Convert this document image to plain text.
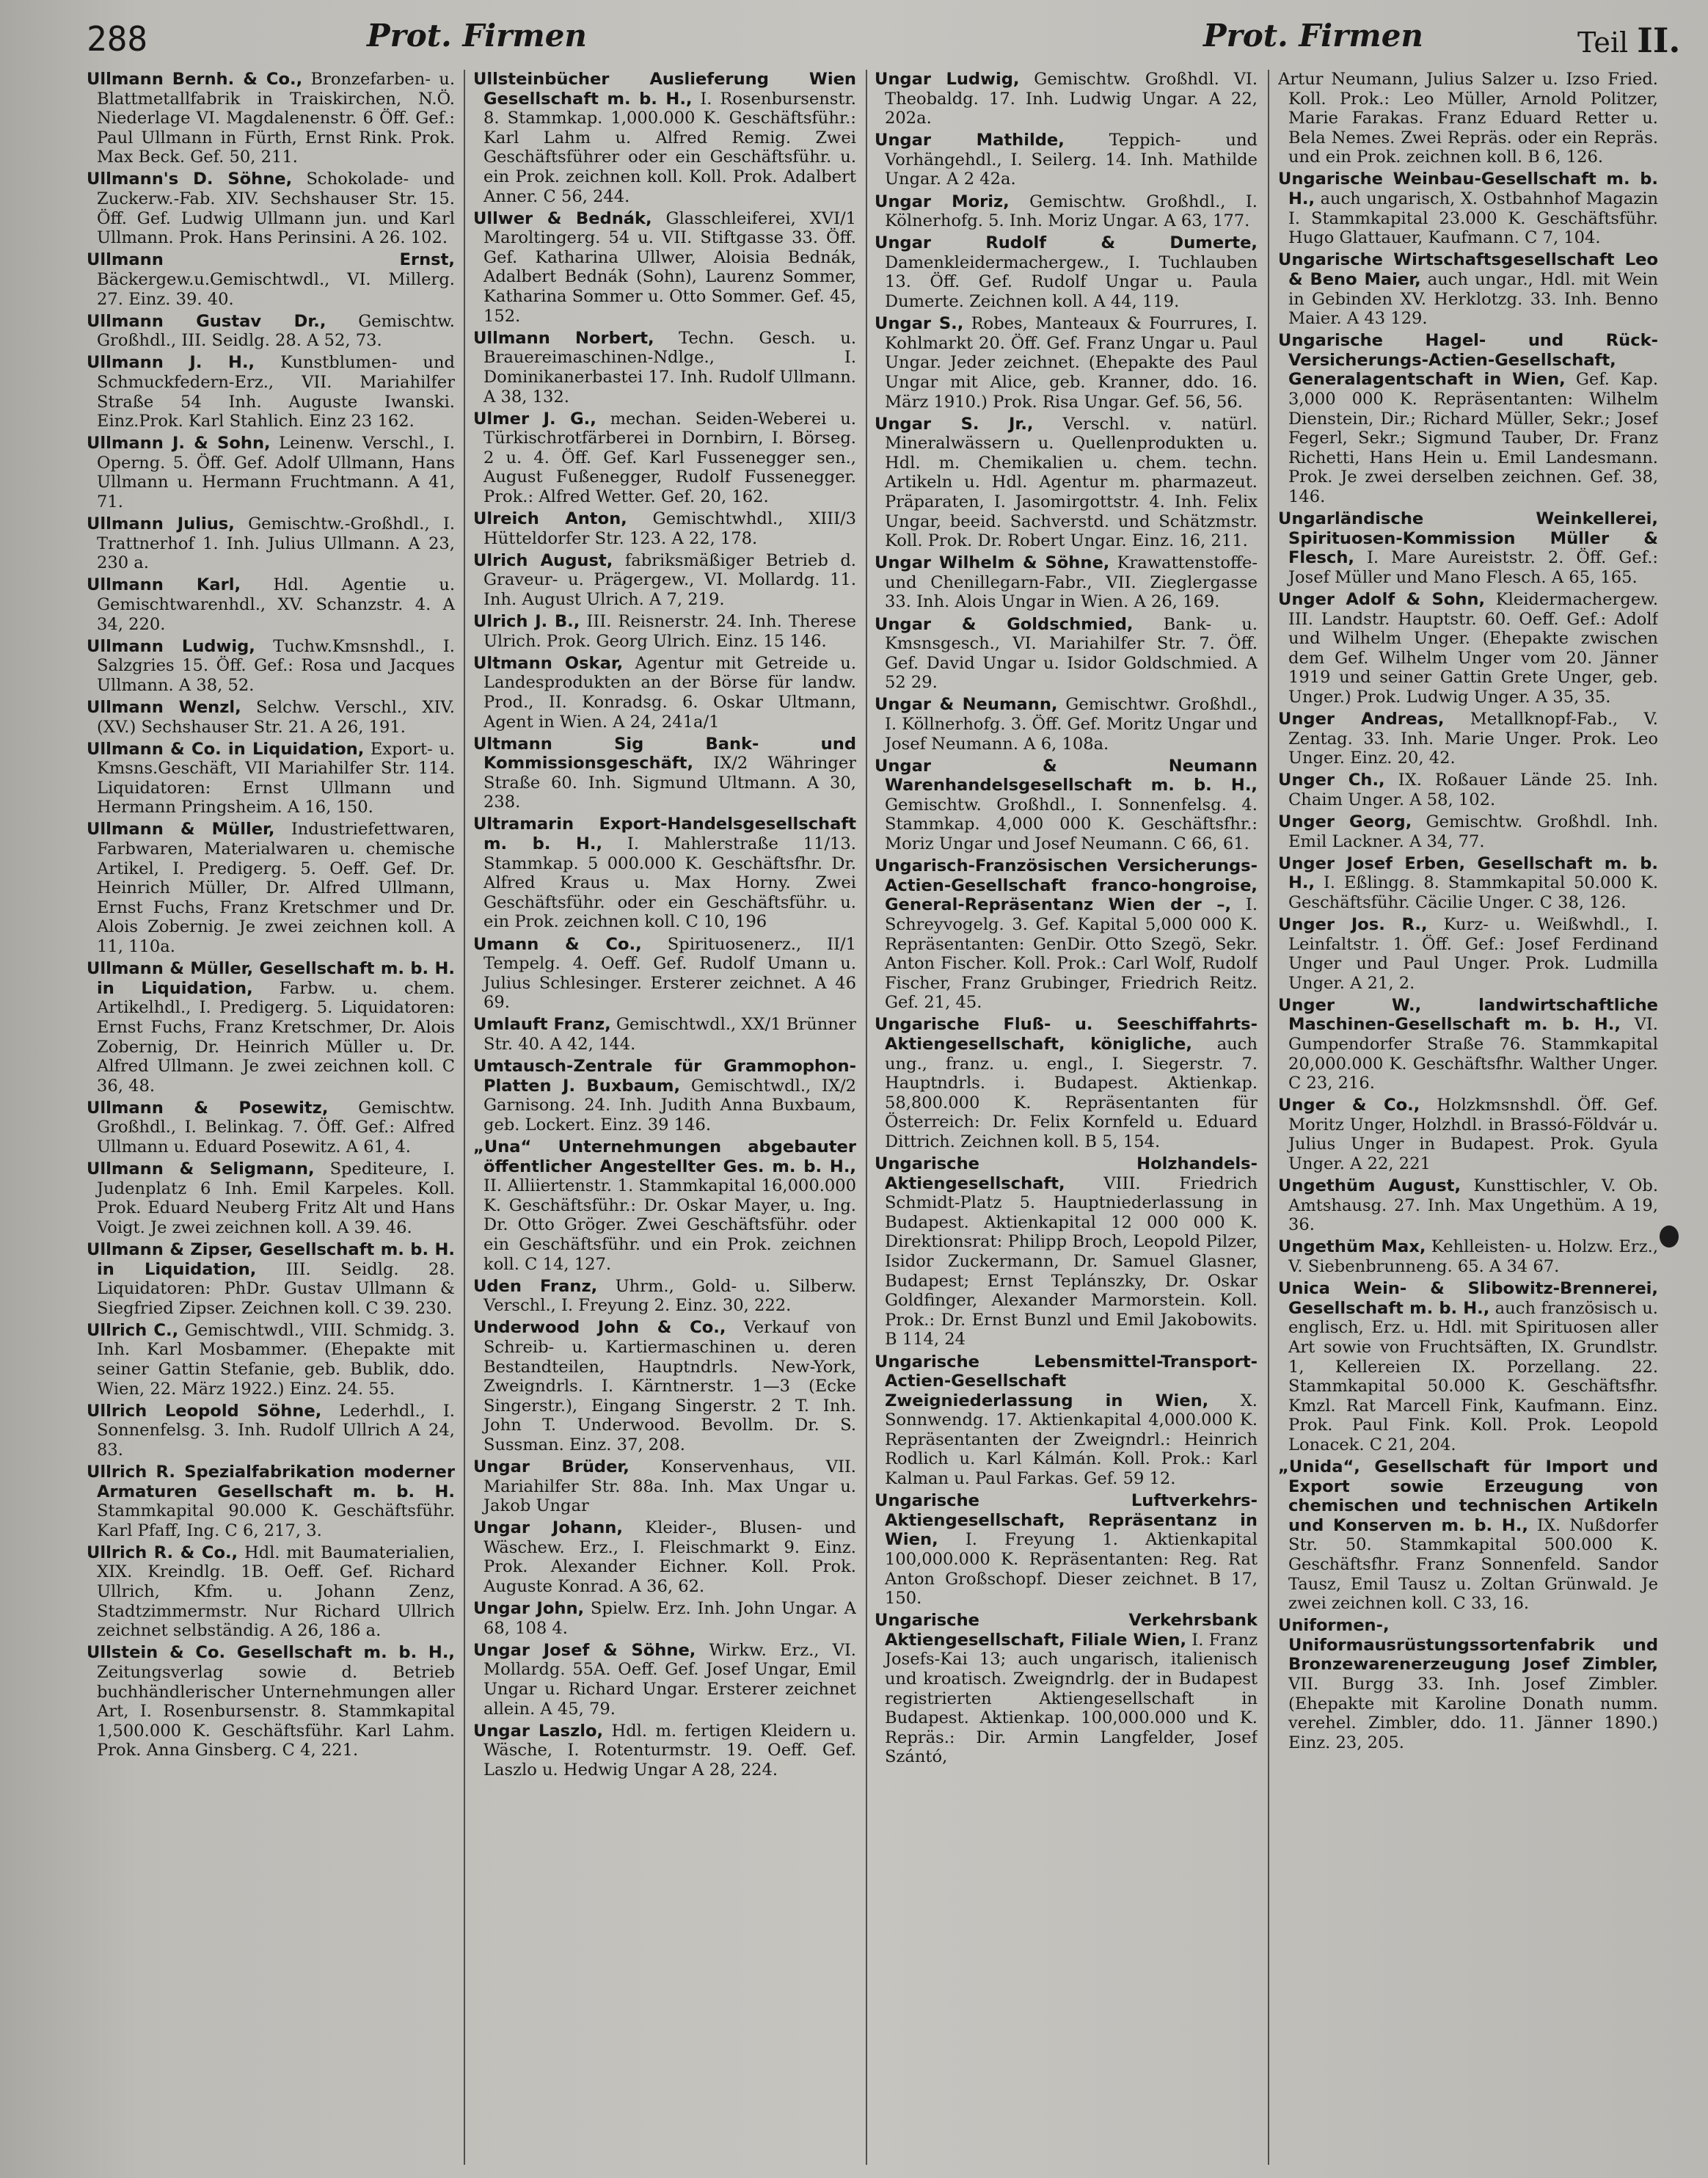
288	Prot. Firmen	Prot. Firmen	Teil II.

Ullmann Bernh. & Co., Bronzefarben- u. Blattmetallfabrik in Traiskirchen, N.Ö. Niederlage VI. Magdalenenstr. 6 Öff. Gef.: Paul Ullmann in Fürth, Ernst Rink. Prok. Max Beck. Gef. 50, 211.

Ullmann's D. Söhne, Schokolade- und Zuckerw.-Fab. XIV. Sechshauser Str. 15. Öff. Gef. Ludwig Ullmann jun. und Karl Ullmann. Prok. Hans Perinsini. A 26. 102.

Ullmann Ernst, Bäckergew.u.Gemischtwdl., VI. Millerg. 27. Einz. 39. 40.

Ullmann Gustav Dr., Gemischtw. Großhdl., III. Seidlg. 28. A 52, 73.

Ullmann J. H., Kunstblumen- und Schmuckfedern-Erz., VII. Mariahilfer Straße 54 Inh. Auguste Iwanski. Einz.Prok. Karl Stahlich. Einz 23 162.

Ullmann J. & Sohn, Leinenw. Verschl., I. Operng. 5. Öff. Gef. Adolf Ullmann, Hans Ullmann u. Hermann Fruchtmann. A 41, 71.

Ullmann Julius, Gemischtw.-Großhdl., I. Trattnerhof 1. Inh. Julius Ullmann. A 23, 230 a.

Ullmann Karl, Hdl. Agentie u. Gemischtwarenhdl., XV. Schanzstr. 4. A 34, 220.

Ullmann Ludwig, Tuchw.Kmsnshdl., I. Salzgries 15. Öff. Gef.: Rosa und Jacques Ullmann. A 38, 52.

Ullmann Wenzl, Selchw. Verschl., XIV. (XV.) Sechshauser Str. 21. A 26, 191.

Ullmann & Co. in Liquidation, Export- u. Kmsns.Geschäft, VII Mariahilfer Str. 114. Liquidatoren: Ernst Ullmann und Hermann Pringsheim. A 16, 150.

Ullmann & Müller, Industriefettwaren, Farbwaren, Materialwaren u. chemische Artikel, I. Predigerg. 5. Oeff. Gef. Dr. Heinrich Müller, Dr. Alfred Ullmann, Ernst Fuchs, Franz Kretschmer und Dr. Alois Zobernig. Je zwei zeichnen koll. A 11, 110a.

Ullmann & Müller, Gesellschaft m. b. H. in Liquidation, Farbw. u. chem. Artikelhdl., I. Predigerg. 5. Liquidatoren: Ernst Fuchs, Franz Kretschmer, Dr. Alois Zobernig, Dr. Heinrich Müller u. Dr. Alfred Ullmann. Je zwei zeichnen koll. C 36, 48.

Ullmann & Posewitz, Gemischtw. Großhdl., I. Belinkag. 7. Öff. Gef.: Alfred Ullmann u. Eduard Posewitz. A 61, 4.

Ullmann & Seligmann, Spediteure, I. Judenplatz 6 Inh. Emil Karpeles. Koll. Prok. Eduard Neuberg Fritz Alt und Hans Voigt. Je zwei zeichnen koll. A 39. 46.

Ullmann & Zipser, Gesellschaft m. b. H. in Liquidation, III. Seidlg. 28. Liquidatoren: PhDr. Gustav Ullmann & Siegfried Zipser. Zeichnen koll. C 39. 230.

Ullrich C., Gemischtwdl., VIII. Schmidg. 3. Inh. Karl Mosbammer. (Ehepakte mit seiner Gattin Stefanie, geb. Bublik, ddo. Wien, 22. März 1922.) Einz. 24. 55.

Ullrich Leopold Söhne, Lederhdl., I. Sonnenfelsg. 3. Inh. Rudolf Ullrich A 24, 83.

Ullrich R. Spezialfabrikation moderner Armaturen Gesellschaft m. b. H. Stammkapital 90.000 K. Geschäftsführ. Karl Pfaff, Ing. C 6, 217, 3.

Ullrich R. & Co., Hdl. mit Baumaterialien, XIX. Kreindlg. 1B. Oeff. Gef. Richard Ullrich, Kfm. u. Johann Zenz, Stadtzimmermstr. Nur Richard Ullrich zeichnet selbständig. A 26, 186 a.

Ullstein & Co. Gesellschaft m. b. H., Zeitungsverlag sowie d. Betrieb buchhändlerischer Unternehmungen aller Art, I. Rosenbursenstr. 8. Stammkapital 1,500.000 K. Geschäftsführ. Karl Lahm. Prok. Anna Ginsberg. C 4, 221.

Ullsteinbücher Auslieferung Wien Gesellschaft m. b. H., I. Rosenbursenstr. 8. Stammkap. 1,000.000 K. Geschäftsführ.: Karl Lahm u. Alfred Remig. Zwei Geschäftsführer oder ein Geschäftsführ. u. ein Prok. zeichnen koll. Koll. Prok. Adalbert Anner. C 56, 244.

Ullwer & Bednák, Glasschleiferei, XVI/1 Maroltingerg. 54 u. VII. Stiftgasse 33. Öff. Gef. Katharina Ullwer, Aloisia Bednák, Adalbert Bednák (Sohn), Laurenz Sommer, Katharina Sommer u. Otto Sommer. Gef. 45, 152.

Ullmann Norbert, Techn. Gesch. u. Brauereimaschinen-Ndlge., I. Dominikanerbastei 17. Inh. Rudolf Ullmann. A 38, 132.

Ulmer J. G., mechan. Seiden-Weberei u. Türkischrotfärberei in Dornbirn, I. Börseg. 2 u. 4. Öff. Gef. Karl Fussenegger sen., August Fußenegger, Rudolf Fussenegger. Prok.: Alfred Wetter. Gef. 20, 162.

Ulreich Anton, Gemischtwhdl., XIII/3 Hütteldorfer Str. 123. A 22, 178.

Ulrich August, fabriksmäßiger Betrieb d. Graveur- u. Prägergew., VI. Mollardg. 11. Inh. August Ulrich. A 7, 219.

Ulrich J. B., III. Reisnerstr. 24. Inh. Therese Ulrich. Prok. Georg Ulrich. Einz. 15 146.

Ultmann Oskar, Agentur mit Getreide u. Landesprodukten an der Börse für landw. Prod., II. Konradsg. 6. Oskar Ultmann, Agent in Wien. A 24, 241a/1

Ultmann Sig Bank- und Kommissionsgeschäft, IX/2 Währinger Straße 60. Inh. Sigmund Ultmann. A 30, 238.

Ultramarin Export-Handelsgesellschaft m. b. H., I. Mahlerstraße 11/13. Stammkap. 5 000.000 K. Geschäftsfhr. Dr. Alfred Kraus u. Max Horny. Zwei Geschäftsführ. oder ein Geschäftsführ. u. ein Prok. zeichnen koll. C 10, 196

Umann & Co., Spirituosenerz., II/1 Tempelg. 4. Oeff. Gef. Rudolf Umann u. Julius Schlesinger. Ersterer zeichnet. A 46 69.

Umlauft Franz, Gemischtwdl., XX/1 Brünner Str. 40. A 42, 144.

Umtausch-Zentrale für Grammophon-Platten J. Buxbaum, Gemischtwdl., IX/2 Garnisong. 24. Inh. Judith Anna Buxbaum, geb. Lockert. Einz. 39 146.

„Una“ Unternehmungen abgebauter öffentlicher Angestellter Ges. m. b. H., II. Alliiertenstr. 1. Stammkapital 16,000.000 K. Geschäftsführ.: Dr. Oskar Mayer, u. Ing. Dr. Otto Gröger. Zwei Geschäftsführ. oder ein Geschäftsführ. und ein Prok. zeichnen koll. C 14, 127.

Uden Franz, Uhrm., Gold- u. Silberw. Verschl., I. Freyung 2. Einz. 30, 222.

Underwood John & Co., Verkauf von Schreib- u. Kartiermaschinen u. deren Bestandteilen, Hauptndrls. New-York, Zweigndrls. I. Kärntnerstr. 1—3 (Ecke Singerstr.), Eingang Singerstr. 2 T. Inh. John T. Underwood. Bevollm. Dr. S. Sussman. Einz. 37, 208.

Ungar Brüder, Konservenhaus, VII. Mariahilfer Str. 88a. Inh. Max Ungar u. Jakob Ungar

Ungar Johann, Kleider-, Blusen- und Wäschew. Erz., I. Fleischmarkt 9. Einz. Prok. Alexander Eichner. Koll. Prok. Auguste Konrad. A 36, 62.

Ungar John, Spielw. Erz. Inh. John Ungar. A 68, 108 4.

Ungar Josef & Söhne, Wirkw. Erz., VI. Mollardg. 55A. Oeff. Gef. Josef Ungar, Emil Ungar u. Richard Ungar. Ersterer zeichnet allein. A 45, 79.

Ungar Laszlo, Hdl. m. fertigen Kleidern u. Wäsche, I. Rotenturmstr. 19. Oeff. Gef. Laszlo u. Hedwig Ungar A 28, 224.

Ungar Ludwig, Gemischtw. Großhdl. VI. Theobaldg. 17. Inh. Ludwig Ungar. A 22, 202a.

Ungar Mathilde,	Teppich- und Vorhängehdl., I. Seilerg. 14. Inh. Mathilde Ungar. A 2 42a.

Ungar Moriz, Gemischtw. Großhdl., I. Kölnerhofg. 5. Inh. Moriz Ungar. A 63, 177.

Ungar Rudolf & Dumerte, Damenkleidermachergew., I. Tuchlauben 13. Öff. Gef. Rudolf Ungar u. Paula Dumerte. Zeichnen koll. A 44, 119.

Ungar S., Robes, Manteaux & Fourrures, I. Kohlmarkt 20. Öff. Gef. Franz Ungar u. Paul Ungar. Jeder zeichnet. (Ehepakte des Paul Ungar mit Alice, geb. Kranner, ddo. 16. März 1910.) Prok. Risa Ungar. Gef. 56, 56.

Ungar S. Jr., Verschl. v. natürl. Mineralwässern u. Quellenprodukten u. Hdl. m. Chemikalien u. chem. techn. Artikeln u. Hdl. Agentur m. pharmazeut. Präparaten, I. Jasomirgottstr. 4. Inh. Felix Ungar, beeid. Sachverstd. und Schätzmstr. Koll. Prok. Dr. Robert Ungar. Einz. 16, 211.

Ungar Wilhelm & Söhne, Krawattenstoffe- und Chenillegarn-Fabr., VII. Zieglergasse 33. Inh. Alois Ungar in Wien. A 26, 169.

Ungar & Goldschmied, Bank- u. Kmsnsgesch., VI. Mariahilfer Str. 7. Öff. Gef. David Ungar u. Isidor Goldschmied. A 52 29.

Ungar & Neumann, Gemischtwr. Großhdl., I. Köllnerhofg. 3. Öff. Gef. Moritz Ungar und Josef Neumann. A 6, 108a.

Ungar & Neumann Warenhandelsgesellschaft m. b. H., Gemischtw. Großhdl., I. Sonnenfelsg. 4. Stammkap. 4,000 000 K. Geschäftsfhr.: Moriz Ungar und Josef Neumann. C 66, 61.

Ungarisch-Französischen Versicherungs-Actien-Gesellschaft franco-hongroise, General-Repräsentanz Wien der –, I. Schreyvogelg. 3. Gef. Kapital 5,000 000 K. Repräsentanten: GenDir. Otto Szegö, Sekr. Anton Fischer. Koll. Prok.: Carl Wolf, Rudolf Fischer, Franz Grubinger, Friedrich Reitz. Gef. 21, 45.

Ungarische Fluß- u. Seeschiffahrts-Aktiengesellschaft, königliche, auch ung., franz. u. engl., I. Siegerstr. 7. Hauptndrls. i. Budapest. Aktienkap. 58,800.000 K. Repräsentanten für Österreich: Dr. Felix Kornfeld u. Eduard Dittrich. Zeichnen koll. B 5, 154.

Ungarische Holzhandels-Aktiengesellschaft, VIII. Friedrich Schmidt-Platz 5. Hauptniederlassung in Budapest. Aktienkapital 12 000 000 K. Direktionsrat: Philipp Broch, Leopold Pilzer, Isidor Zuckermann, Dr. Samuel Glasner, Budapest; Ernst Teplánszky, Dr. Oskar Goldfinger, Alexander Marmorstein. Koll. Prok.: Dr. Ernst Bunzl und Emil Jakobowits. B 114, 24

Ungarische Lebensmittel-Transport-Actien-Gesellschaft Zweigniederlassung in Wien, X. Sonnwendg. 17. Aktienkapital 4,000.000 K. Repräsentanten der Zweigndrl.: Heinrich Rodlich u. Karl Kálmán. Koll. Prok.: Karl Kalman u. Paul Farkas. Gef. 59 12.

Ungarische Luftverkehrs-Aktiengesellschaft, Repräsentanz in Wien, I. Freyung 1. Aktienkapital 100,000.000 K. Repräsentanten: Reg. Rat Anton Großschopf. Dieser zeichnet. B 17, 150.

Ungarische Verkehrsbank Aktiengesellschaft, Filiale Wien, I. Franz Josefs-Kai 13; auch ungarisch, italienisch und kroatisch. Zweigndrlg. der in Budapest registrierten Aktiengesellschaft in Budapest. Aktienkap. 100,000.000 und K. Repräs.: Dir. Armin Langfelder, Josef Szántó,

Artur Neumann, Julius Salzer u. Izso Fried. Koll. Prok.: Leo Müller, Arnold Politzer, Marie Farakas. Franz Eduard Retter u. Bela Nemes. Zwei Repräs. oder ein Repräs. und ein Prok. zeichnen koll. B 6, 126.

Ungarische Weinbau-Gesellschaft m. b. H., auch ungarisch, X. Ostbahnhof Magazin I. Stammkapital 23.000 K. Geschäftsführ. Hugo Glattauer, Kaufmann. C 7, 104.

Ungarische Wirtschaftsgesellschaft Leo & Beno Maier, auch ungar., Hdl. mit Wein in Gebinden XV. Herklotzg. 33. Inh. Benno Maier. A 43 129.

Ungarische Hagel- und Rück-Versicherungs-Actien-Gesellschaft, Generalagentschaft in Wien, Gef. Kap. 3,000 000 K. Repräsentanten: Wilhelm Dienstein, Dir.; Richard Müller, Sekr.; Josef Fegerl, Sekr.; Sigmund Tauber, Dr. Franz Richetti, Hans Hein u. Emil Landesmann. Prok. Je zwei derselben zeichnen. Gef. 38, 146.

Ungarländische Weinkellerei, Spirituosen-Kommission Müller & Flesch, I. Mare Aureiststr. 2. Öff. Gef.: Josef Müller und Mano Flesch. A 65, 165.

Unger Adolf & Sohn, Kleidermachergew. III. Landstr. Hauptstr. 60. Oeff. Gef.: Adolf und Wilhelm Unger. (Ehepakte zwischen dem Gef. Wilhelm Unger vom 20. Jänner 1919 und seiner Gattin Grete Unger, geb. Unger.) Prok. Ludwig Unger. A 35, 35.

Unger Andreas, Metallknopf-Fab., V. Zentag. 33. Inh. Marie Unger. Prok. Leo Unger. Einz. 20, 42.

Unger Ch., IX. Roßauer Lände 25. Inh. Chaim Unger. A 58, 102.

Unger Georg, Gemischtw. Großhdl. Inh. Emil Lackner. A 34, 77.

Unger Josef Erben, Gesellschaft m. b. H., I. Eßlingg. 8. Stammkapital 50.000 K. Geschäftsführ. Cäcilie Unger. C 38, 126.

Unger Jos. R., Kurz- u. Weißwhdl., I. Leinfaltstr. 1. Öff. Gef.: Josef Ferdinand Unger und Paul Unger. Prok. Ludmilla Unger. A 21, 2.

Unger W., landwirtschaftliche Maschinen-Gesellschaft m. b. H., VI. Gumpendorfer Straße 76. Stammkapital 20,000.000 K. Geschäftsfhr. Walther Unger. C 23, 216.

Unger & Co., Holzkmsnshdl. Öff. Gef. Moritz Unger, Holzhdl. in Brassó-Földvár u. Julius Unger in Budapest. Prok. Gyula Unger. A 22, 221

Ungethüm August, Kunsttischler, V. Ob. Amtshausg. 27. Inh. Max Ungethüm. A 19, 36.

Ungethüm Max, Kehlleisten- u. Holzw. Erz., V. Siebenbrunneng. 65. A 34 67.

Unica Wein- & Slibowitz-Brennerei, Gesellschaft m. b. H., auch französisch u. englisch, Erz. u. Hdl. mit Spirituosen aller Art sowie von Fruchtsäften, IX. Grundlstr. 1, Kellereien IX. Porzellang. 22. Stammkapital 50.000 K. Geschäftsfhr. Kmzl. Rat Marcell Fink, Kaufmann. Einz. Prok. Paul Fink. Koll. Prok. Leopold Lonacek. C 21, 204.

„Unida“, Gesellschaft für Import und Export sowie Erzeugung von chemischen und technischen Artikeln und Konserven m. b. H., IX. Nußdorfer Str. 50. Stammkapital 500.000 K. Geschäftsfhr. Franz Sonnenfeld. Sandor Tausz, Emil Tausz u. Zoltan Grünwald. Je zwei zeichnen koll. C 33, 16.

Uniformen-, Uniformausrüstungssortenfabrik und Bronzewarenerzeugung Josef Zimbler, VII. Burgg 33. Inh. Josef Zimbler. (Ehepakte mit Karoline Donath numm. verehel. Zimbler, ddo. 11. Jänner 1890.) Einz. 23, 205.
